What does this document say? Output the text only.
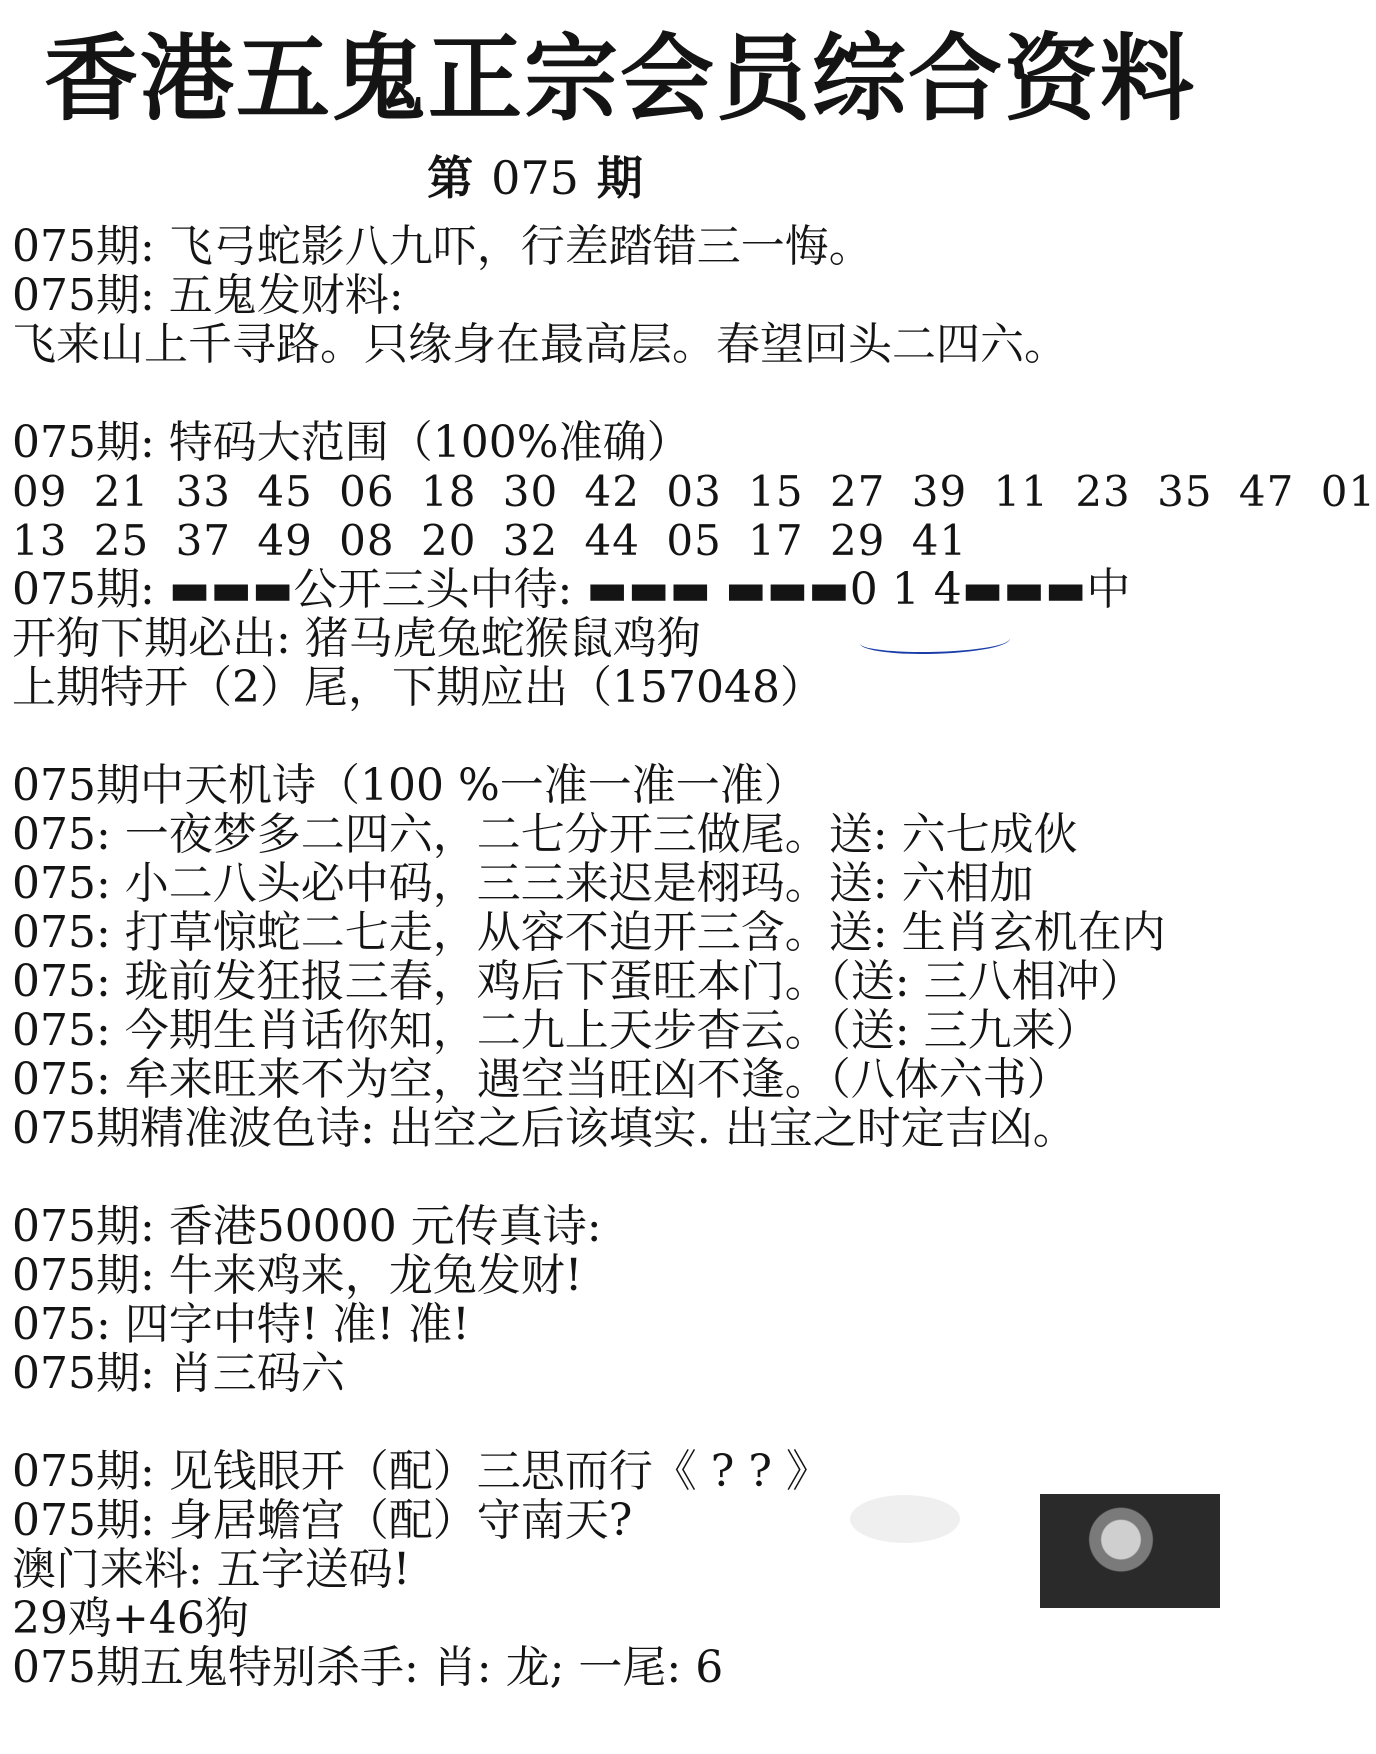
香港五鬼正宗会员综合资料
第 075 期
075期: 飞弓蛇影八九吓，行差踏错三一悔。
075期: 五鬼发财料:
飞来山上千寻路。只缘身在最高层。春望回头二四六。
075期: 特码大范围（100%准确）
09 21 33 45 06 18 30 42 03 15 27 39 11 23 35 47 01
13 25 37 49 08 20 32 44 05 17 29 41
075期: ▬▬▬公开三头中待: ▬▬▬ ▬▬▬0 1 4▬▬▬中
开狗下期必出: 猪马虎兔蛇猴鼠鸡狗
上期特开（2）尾，下期应出（157048）
075期中天机诗（100 %一准一准一准）
075: 一夜梦多二四六，二七分开三做尾。送: 六七成伙
075: 小二八头必中码，三三来迟是栩玛。送: 六相加
075: 打草惊蛇二七走，从容不迫开三含。送: 生肖玄机在内
075: 珑前发狂报三春，鸡后下蛋旺本门。（送: 三八相冲）
075: 今期生肖话你知，二九上天步杳云。（送: 三九来）
075: 牟来旺来不为空，遇空当旺凶不逢。（八体六书）
075期精准波色诗: 出空之后该填实. 出宝之时定吉凶。
075期: 香港50000 元传真诗:
075期: 牛来鸡来，龙兔发财!
075: 四字中特! 准! 准!
075期: 肖三码六
075期: 见钱眼开（配）三思而行《 ? ? 》
075期: 身居蟾宫（配）守南天?
澳门来料: 五字送码!
29鸡+46狗
075期五鬼特别杀手: 肖: 龙; 一尾: 6
